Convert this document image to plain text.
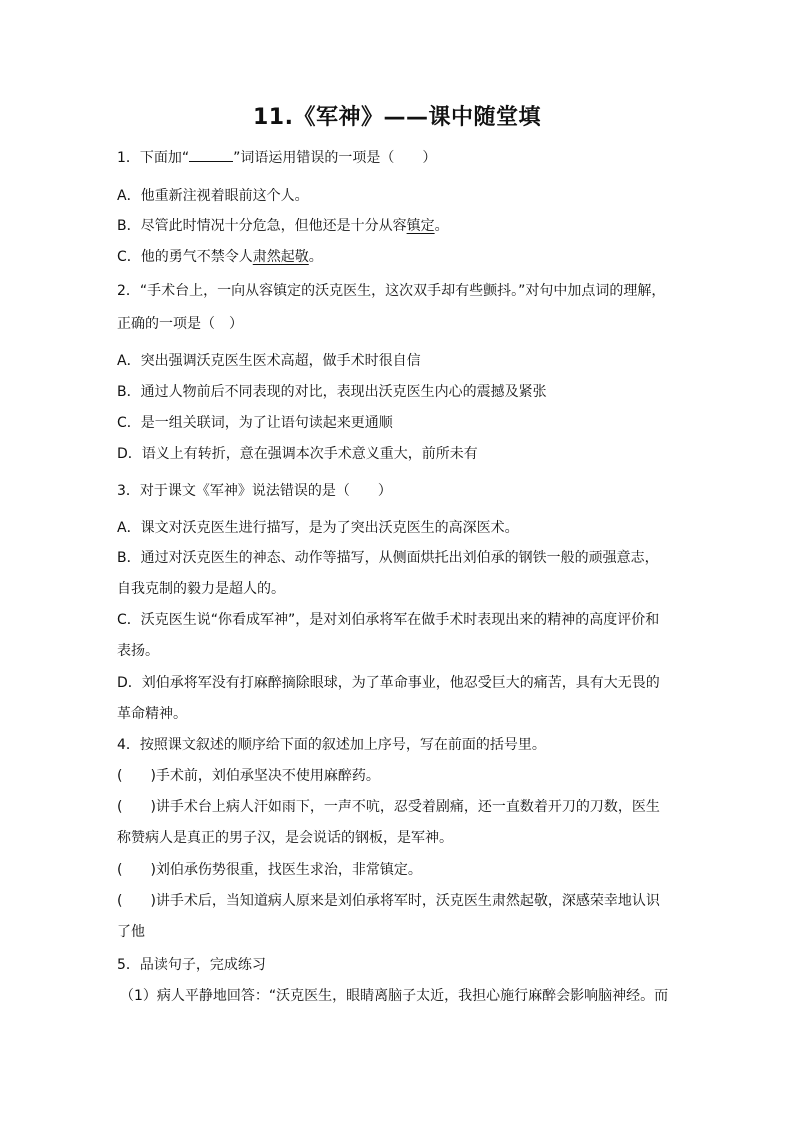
11.《军神》——课中随堂填
1．下面加“	”词语运用错误的一项是（　　）
A．他重新注视着眼前这个人。
B．尽管此时情况十分危急，但他还是十分从容镇定。
C．他的勇气不禁令人肃然起敬。
2．“手术台上，一向从容镇定的沃克医生，这次双手却有些颤抖。”对句中加点词的理解，
正确的一项是（　）
A．突出强调沃克医生医术高超，做手术时很自信
B．通过人物前后不同表现的对比，表现出沃克医生内心的震撼及紧张
C．是一组关联词，为了让语句读起来更通顺
D．语义上有转折，意在强调本次手术意义重大，前所未有
3．对于课文《军神》说法错误的是（　　）
A．课文对沃克医生进行描写，是为了突出沃克医生的高深医术。
B．通过对沃克医生的神态、动作等描写，从侧面烘托出刘伯承的钢铁一般的顽强意志，
自我克制的毅力是超人的。
C．沃克医生说“你看成军神”，是对刘伯承将军在做手术时表现出来的精神的高度评价和
表扬。
D．刘伯承将军没有打麻醉摘除眼球，为了革命事业，他忍受巨大的痛苦，具有大无畏的
革命精神。
4．按照课文叙述的顺序给下面的叙述加上序号，写在前面的括号里。
(　　)手术前，刘伯承坚决不使用麻醉药。
(　　)讲手术台上病人汗如雨下，一声不吭，忍受着剧痛，还一直数着开刀的刀数，医生
称赞病人是真正的男子汉，是会说话的钢板，是军神。
(　　)刘伯承伤势很重，找医生求治，非常镇定。
(　　)讲手术后，当知道病人原来是刘伯承将军时，沃克医生肃然起敬，深感荣幸地认识
了他
5．品读句子，完成练习
（1）病人平静地回答：“沃克医生，眼睛离脑子太近，我担心施行麻醉会影响脑神经。而
